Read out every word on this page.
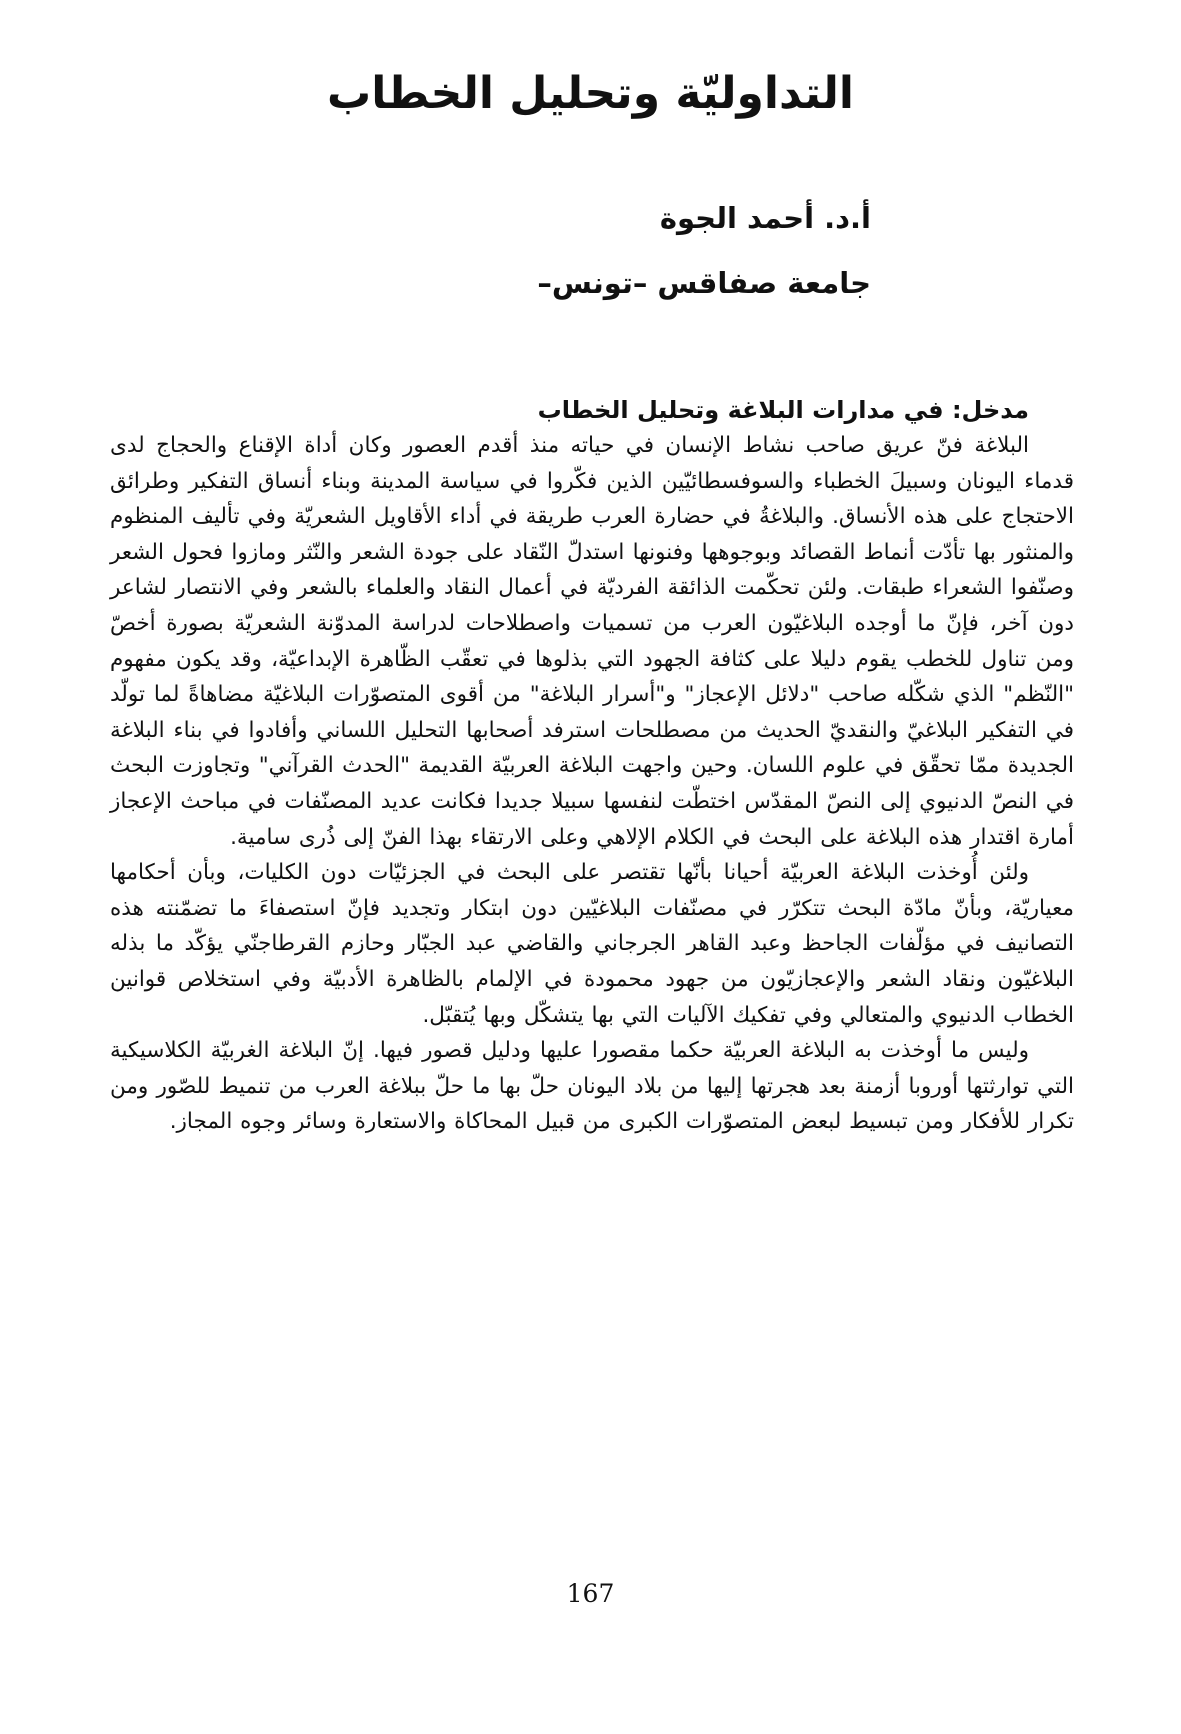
التداوليّة وتحليل الخطاب

أ.د. أحمد الجوة

جامعة صفاقس –تونس–

مدخل: في مدارات البلاغة وتحليل الخطاب

البلاغة فنّ عريق صاحب نشاط الإنسان في حياته منذ أقدم العصور وكان أداة الإقناع والحجاج لدى قدماء اليونان وسبيلَ الخطباء والسوفسطائيّين الذين فكّروا في سياسة المدينة وبناء أنساق التفكير وطرائق الاحتجاج على هذه الأنساق. والبلاغةُ في حضارة العرب طريقة في أداء الأقاويل الشعريّة وفي تأليف المنظوم والمنثور بها تأدّت أنماط القصائد وبوجوهها وفنونها استدلّ النّقاد على جودة الشعر والنّثر ومازوا فحول الشعر وصنّفوا الشعراء طبقات. ولئن تحكّمت الذائقة الفرديّة في أعمال النقاد والعلماء بالشعر وفي الانتصار لشاعر دون آخر، فإنّ ما أوجده البلاغيّون العرب من تسميات واصطلاحات لدراسة المدوّنة الشعريّة بصورة أخصّ ومن تناول للخطب يقوم دليلا على كثافة الجهود التي بذلوها في تعقّب الظّاهرة الإبداعيّة، وقد يكون مفهوم "النّظم" الذي شكّله صاحب "دلائل الإعجاز" و"أسرار البلاغة" من أقوى المتصوّرات البلاغيّة مضاهاةً لما تولّد في التفكير البلاغيّ والنقديّ الحديث من مصطلحات استرفد أصحابها التحليل اللساني وأفادوا في بناء البلاغة الجديدة ممّا تحقّق في علوم اللسان. وحين واجهت البلاغة العربيّة القديمة "الحدث القرآني" وتجاوزت البحث في النصّ الدنيوي إلى النصّ المقدّس اختطّت لنفسها سبيلا جديدا فكانت عديد المصنّفات في مباحث الإعجاز أمارة اقتدار هذه البلاغة على البحث في الكلام الإلاهي وعلى الارتقاء بهذا الفنّ إلى ذُرى سامية.

ولئن أُوخذت البلاغة العربيّة أحيانا بأنّها تقتصر على البحث في الجزئيّات دون الكليات، وبأن أحكامها معياريّة، وبأنّ مادّة البحث تتكرّر في مصنّفات البلاغيّين دون ابتكار وتجديد فإنّ استصفاءَ ما تضمّنته هذه التصانيف في مؤلّفات الجاحظ وعبد القاهر الجرجاني والقاضي عبد الجبّار وحازم القرطاجنّي يؤكّد ما بذله البلاغيّون ونقاد الشعر والإعجازيّون من جهود محمودة في الإلمام بالظاهرة الأدبيّة وفي استخلاص قوانين الخطاب الدنيوي والمتعالي وفي تفكيك الآليات التي بها يتشكّل وبها يُتقبّل.

وليس ما أوخذت به البلاغة العربيّة حكما مقصورا عليها ودليل قصور فيها. إنّ البلاغة الغربيّة الكلاسيكية التي توارثتها أوروبا أزمنة بعد هجرتها إليها من بلاد اليونان حلّ بها ما حلّ ببلاغة العرب من تنميط للصّور ومن تكرار للأفكار ومن تبسيط لبعض المتصوّرات الكبرى من قبيل المحاكاة والاستعارة وسائر وجوه المجاز.

167
